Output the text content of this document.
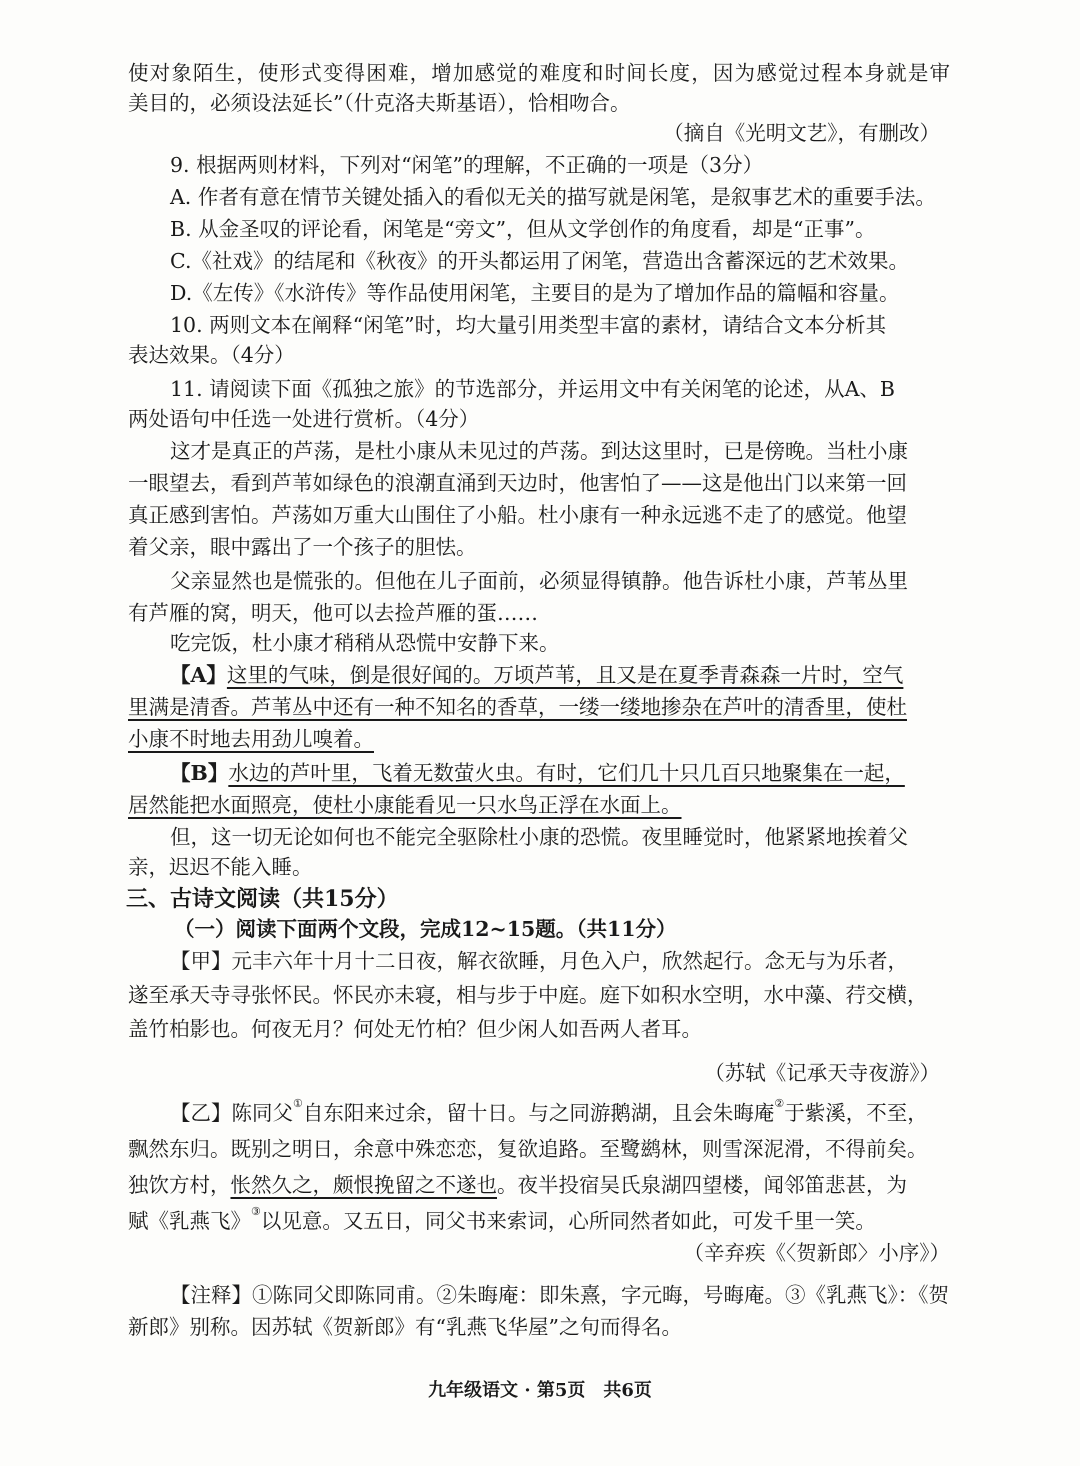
使对象陌生，使形式变得困难，增加感觉的难度和时间长度，因为感觉过程本身就是审
美目的，必须设法延长”（什克洛夫斯基语），恰相吻合。
（摘自《光明文艺》，有删改）
9. 根据两则材料，下列对“闲笔”的理解，不正确的一项是（3分）
A. 作者有意在情节关键处插入的看似无关的描写就是闲笔，是叙事艺术的重要手法。
B. 从金圣叹的评论看，闲笔是“旁文”，但从文学创作的角度看，却是“正事”。
C.《社戏》的结尾和《秋夜》的开头都运用了闲笔，营造出含蓄深远的艺术效果。
D.《左传》《水浒传》等作品使用闲笔，主要目的是为了增加作品的篇幅和容量。
10. 两则文本在阐释“闲笔”时，均大量引用类型丰富的素材，请结合文本分析其
表达效果。（4分）
11. 请阅读下面《孤独之旅》的节选部分，并运用文中有关闲笔的论述，从A、B
两处语句中任选一处进行赏析。（4分）
这才是真正的芦荡，是杜小康从未见过的芦荡。到达这里时，已是傍晚。当杜小康
一眼望去，看到芦苇如绿色的浪潮直涌到天边时，他害怕了——这是他出门以来第一回
真正感到害怕。芦荡如万重大山围住了小船。杜小康有一种永远逃不走了的感觉。他望
着父亲，眼中露出了一个孩子的胆怯。
父亲显然也是慌张的。但他在儿子面前，必须显得镇静。他告诉杜小康，芦苇丛里
有芦雁的窝，明天，他可以去捡芦雁的蛋……
吃完饭，杜小康才稍稍从恐慌中安静下来。
【A】这里的气味，倒是很好闻的。万顷芦苇，且又是在夏季青森森一片时，空气
里满是清香。芦苇丛中还有一种不知名的香草，一缕一缕地掺杂在芦叶的清香里，使杜
小康不时地去用劲儿嗅着。
【B】水边的芦叶里，飞着无数萤火虫。有时，它们几十只几百只地聚集在一起，
居然能把水面照亮，使杜小康能看见一只水鸟正浮在水面上。
但，这一切无论如何也不能完全驱除杜小康的恐慌。夜里睡觉时，他紧紧地挨着父
亲，迟迟不能入睡。
三、古诗文阅读（共15分）
（一）阅读下面两个文段，完成12~15题。（共11分）
【甲】元丰六年十月十二日夜，解衣欲睡，月色入户，欣然起行。念无与为乐者，
遂至承天寺寻张怀民。怀民亦未寝，相与步于中庭。庭下如积水空明，水中藻、荇交横，
盖竹柏影也。何夜无月？何处无竹柏？但少闲人如吾两人者耳。
（苏轼《记承天寺夜游》）
【乙】陈同父①自东阳来过余，留十日。与之同游鹅湖，且会朱晦庵②于紫溪，不至，
飘然东归。既别之明日，余意中殊恋恋，复欲追路。至鹭鹚林，则雪深泥滑，不得前矣。
独饮方村，怅然久之，颇恨挽留之不遂也。夜半投宿吴氏泉湖四望楼，闻邻笛悲甚，为
赋《乳燕飞》③以见意。又五日，同父书来索词，心所同然者如此，可发千里一笑。
（辛弃疾《〈贺新郎〉小序》）
【注释】①陈同父即陈同甫。②朱晦庵：即朱熹，字元晦，号晦庵。③《乳燕飞》：《贺
新郎》别称。因苏轼《贺新郎》有“乳燕飞华屋”之句而得名。
九年级语文 · 第5页　共6页
